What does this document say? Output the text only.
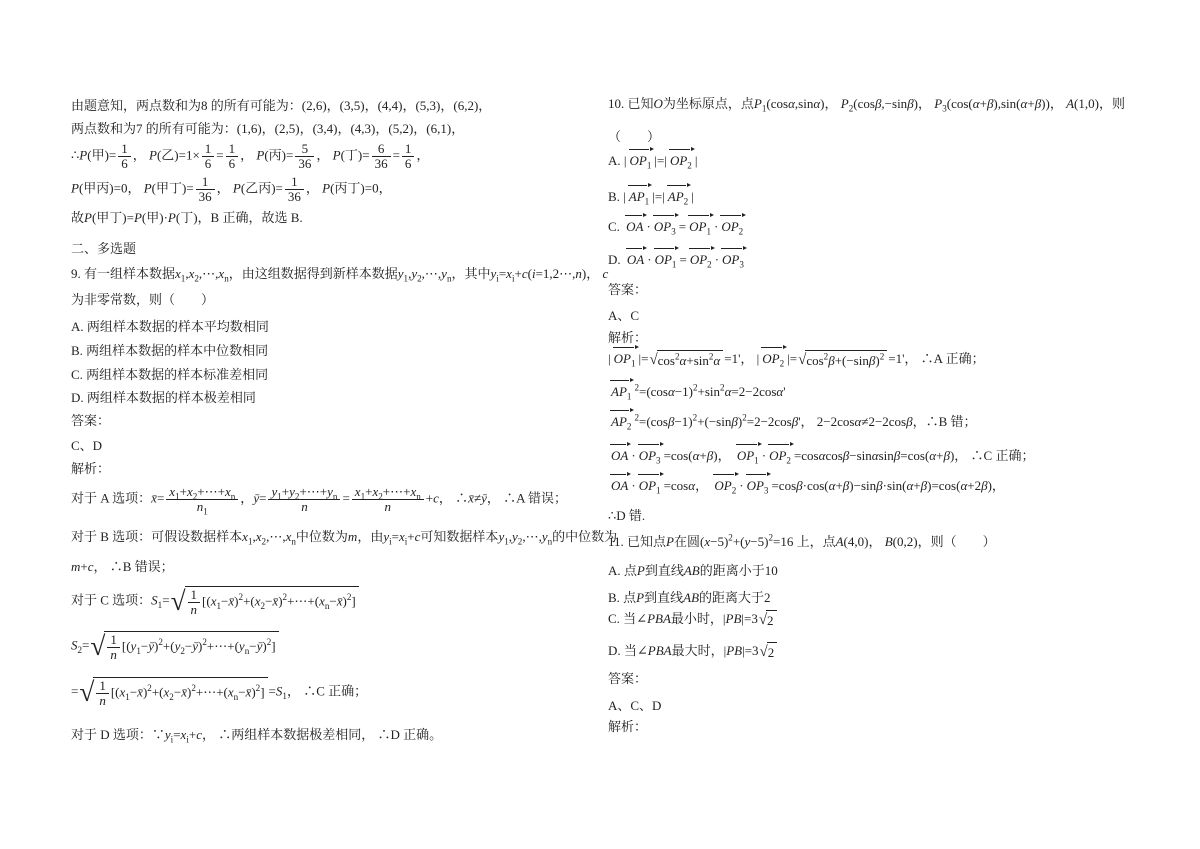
由题意知，两点数和为8 的所有可能为：(2,6)，(3,5)，(4,4)，(5,3)，(6,2)，
两点数和为7 的所有可能为：(1,6)，(2,5)，(3,4)，(4,3)，(5,2)，(6,1)，
∴P(甲)= $\frac{1}{6}$ ， P(乙)$=1\times \frac{1}{6} = \frac{1}{6}$ ， P(丙)= $\frac{5}{36}$ ， P(丁)= $\frac{6}{36} = \frac{1}{6}$ ，
P(甲丙)=0， P(甲丁)= $\frac{1}{36}$ ， P(乙丙)= $\frac{1}{36}$ ， P(丙丁)=0，
故P(甲丁)=P(甲)·P(丁)，B 正确，故选 B.
二、多选题
9. 有一组样本数据$x_1,x_2,\cdots,x_n$，由这组数据得到新样本数据$y_1,y_2,\cdots,y_n$，其中$y_i=x_i+c(i=1,2\cdots,n)$， c
为非零常数，则（　　）
A. 两组样本数据的样本平均数相同
B. 两组样本数据的样本中位数相同
C. 两组样本数据的样本标准差相同
D. 两组样本数据的样本极差相同
答案：
C、D
解析：
对于 A 选项：x̄= $\frac{x_1+x_2+\cdots+x_n}{n_1}$ ，ȳ= $\frac{y_1+y_2+\cdots+y_n}{n} = \frac{x_1+x_2+\cdots+x_n}{n} +c$， ∴x̄≠ȳ， ∴A 错误；
对于 B 选项：可假设数据样本$x_1,x_2,\cdots,x_n$中位数为m，由$y_i=x_i+c$可知数据样本$y_1,y_2,\cdots,y_n$的中位数为
m+c， ∴B 错误；
对于 C 选项：$S_1=$ √ $\frac{1}{n}$ $[(x_1-x̄)^2+(x_2-x̄)^2+\cdots+(x_n-x̄)^2]$
$S_2=$ √ $\frac{1}{n}$ $[(y_1-ȳ)^2+(y_2-ȳ)^2+\cdots+(y_n-ȳ)^2]$
= √ $\frac{1}{n}$ $[(x_1-x̄)^2+(x_2-x̄)^2+\cdots+(x_n-x̄)^2] =S_1$， ∴C 正确；
对于 D 选项：$\because y_i=x_i+c$， ∴两组样本数据极差相同， ∴D 正确。
10. 已知O为坐标原点，点$P_1(\cos\alpha,\sin\alpha)$， $P_2(\cos\beta,-\sin\beta)$， $P_3(\cos(\alpha+\beta),\sin(\alpha+\beta))$， A(1,0)，则
（　　）
A. | $OP_1$ |=| $OP_2$ |
B. | $AP_1$ |=| $AP_2$ |
C. OA · $OP_3 = OP_1 \cdot OP_2$
D. OA · $OP_1 = OP_2 \cdot OP_3$
答案：
A、C
解析：
| $OP_1$ |= √ $\cos^2\alpha+\sin^2\alpha =1'$， | $OP_2$ |= √ $\cos^2\beta+(-\sin\beta)^2 =1'$， ∴A 正确；
$AP_1^2=(\cos\alpha-1)^2+\sin^2\alpha=2-2\cos\alpha'$
$AP_2^2=(\cos\beta-1)^2+(-\sin\beta)^2=2-2\cos\beta'$， 2−2cosα≠2−2cosβ，∴B 错；
OA · $OP_3 =\cos(\alpha+\beta)$， $OP_1 \cdot OP_2 =\cos\alpha\cos\beta-\sin\alpha\sin\beta=\cos(\alpha+\beta)$， ∴C 正确；
OA · $OP_1 =\cos\alpha$， $OP_2 \cdot OP_3 =\cos\beta\cdot\cos(\alpha+\beta)-\sin\beta\cdot\sin(\alpha+\beta)=\cos(\alpha+2\beta)$，
∴D 错.
11. 已知点P在圆$(x-5)^2+(y-5)^2=16$ 上，点A(4,0)， B(0,2)，则（　　）
A. 点P到直线AB的距离小于10
B. 点P到直线AB的距离大于2
C. 当∠PBA最小时，|PB|=3 √ 2
D. 当∠PBA最大时，|PB|=3 √ 2
答案：
A、C、D
解析：
